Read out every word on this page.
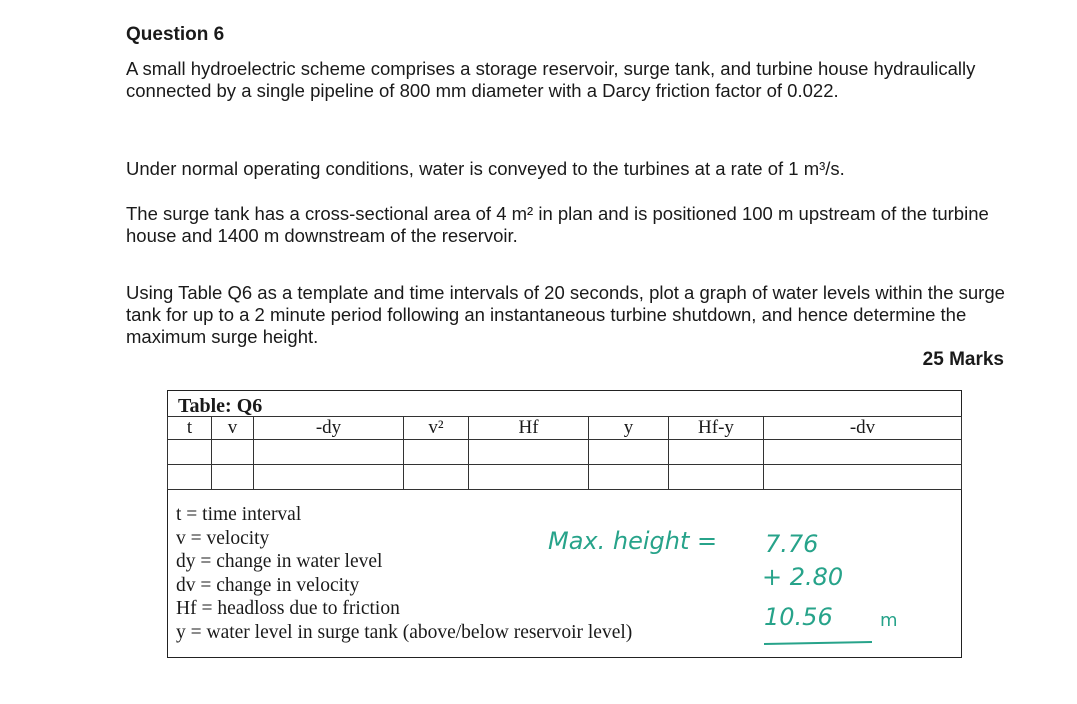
Question 6
A small hydroelectric scheme comprises a storage reservoir, surge tank, and turbine house hydraulically connected by a single pipeline of 800 mm diameter with a Darcy friction factor of 0.022.
Under normal operating conditions, water is conveyed to the turbines at a rate of 1 m³/s.
The surge tank has a cross-sectional area of 4 m² in plan and is positioned 100 m upstream of the turbine house and 1400 m downstream of the reservoir.
Using Table Q6 as a template and time intervals of 20 seconds, plot a graph of water levels within the surge tank for up to a 2 minute period following an instantaneous turbine shutdown, and hence determine the maximum surge height.
25 Marks
Table: Q6
t	v	-dy	v²	Hf	y	Hf-y	-dv

t = time interval
v = velocity
dy = change in water level
dv = change in velocity
Hf = headloss due to friction
y = water level in surge tank (above/below reservoir level)
Max. height = 7.76
+ 2.80
10.56	m
